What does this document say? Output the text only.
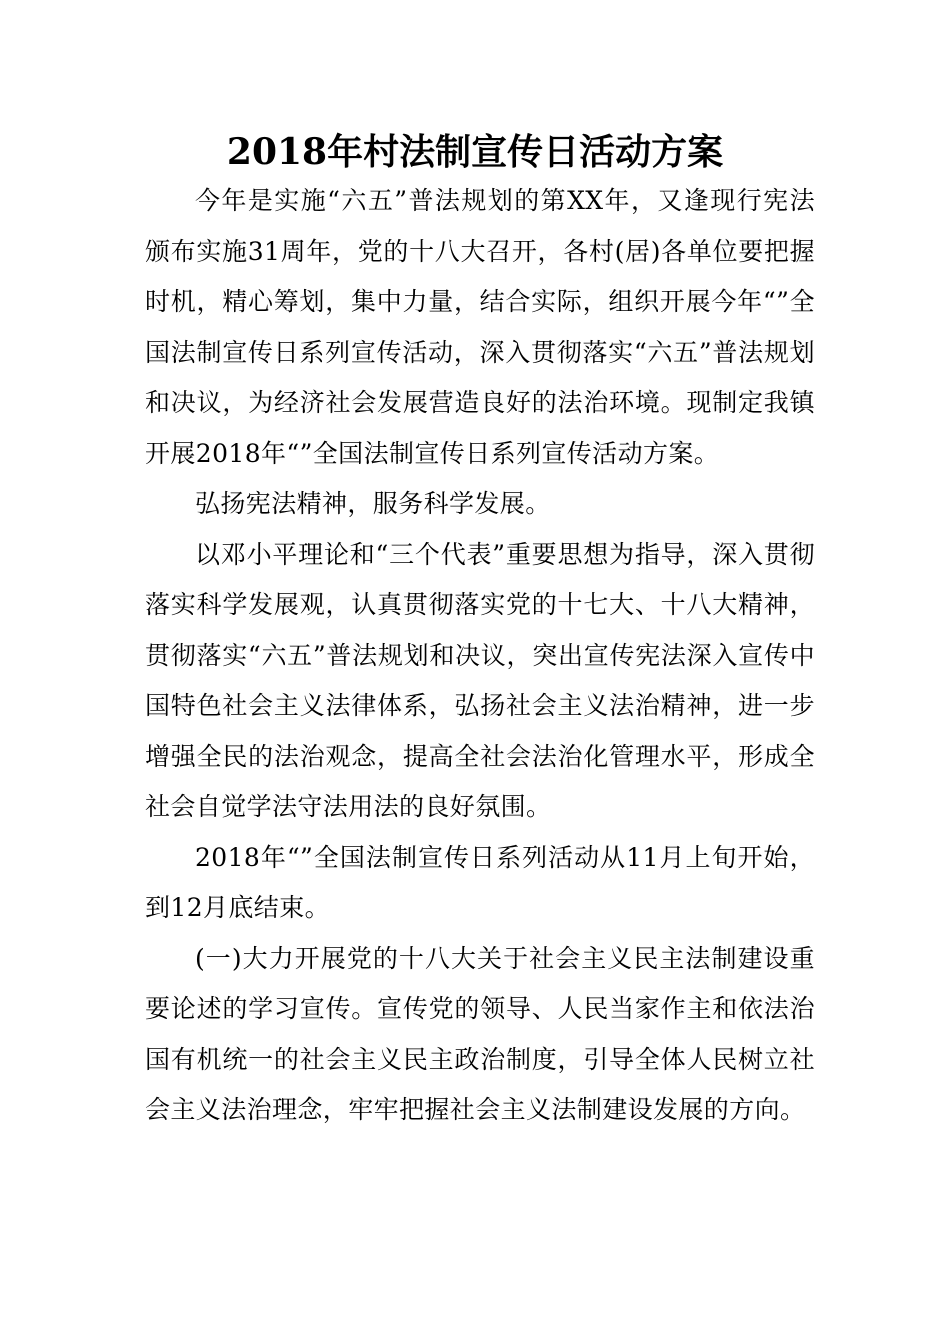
2018年村法制宣传日活动方案

今年是实施“六五”普法规划的第XX年，又逢现行宪法颁布实施31周年，党的十八大召开，各村(居)各单位要把握时机，精心筹划，集中力量，结合实际，组织开展今年“”全国法制宣传日系列宣传活动，深入贯彻落实“六五”普法规划和决议，为经济社会发展营造良好的法治环境。现制定我镇开展2018年“”全国法制宣传日系列宣传活动方案。

弘扬宪法精神，服务科学发展。

以邓小平理论和“三个代表”重要思想为指导，深入贯彻落实科学发展观，认真贯彻落实党的十七大、十八大精神，贯彻落实“六五”普法规划和决议，突出宣传宪法深入宣传中国特色社会主义法律体系，弘扬社会主义法治精神，进一步增强全民的法治观念，提高全社会法治化管理水平，形成全社会自觉学法守法用法的良好氛围。

2018年“”全国法制宣传日系列活动从11月上旬开始，到12月底结束。

(一)大力开展党的十八大关于社会主义民主法制建设重要论述的学习宣传。宣传党的领导、人民当家作主和依法治国有机统一的社会主义民主政治制度，引导全体人民树立社会主义法治理念，牢牢把握社会主义法制建设发展的方向。
